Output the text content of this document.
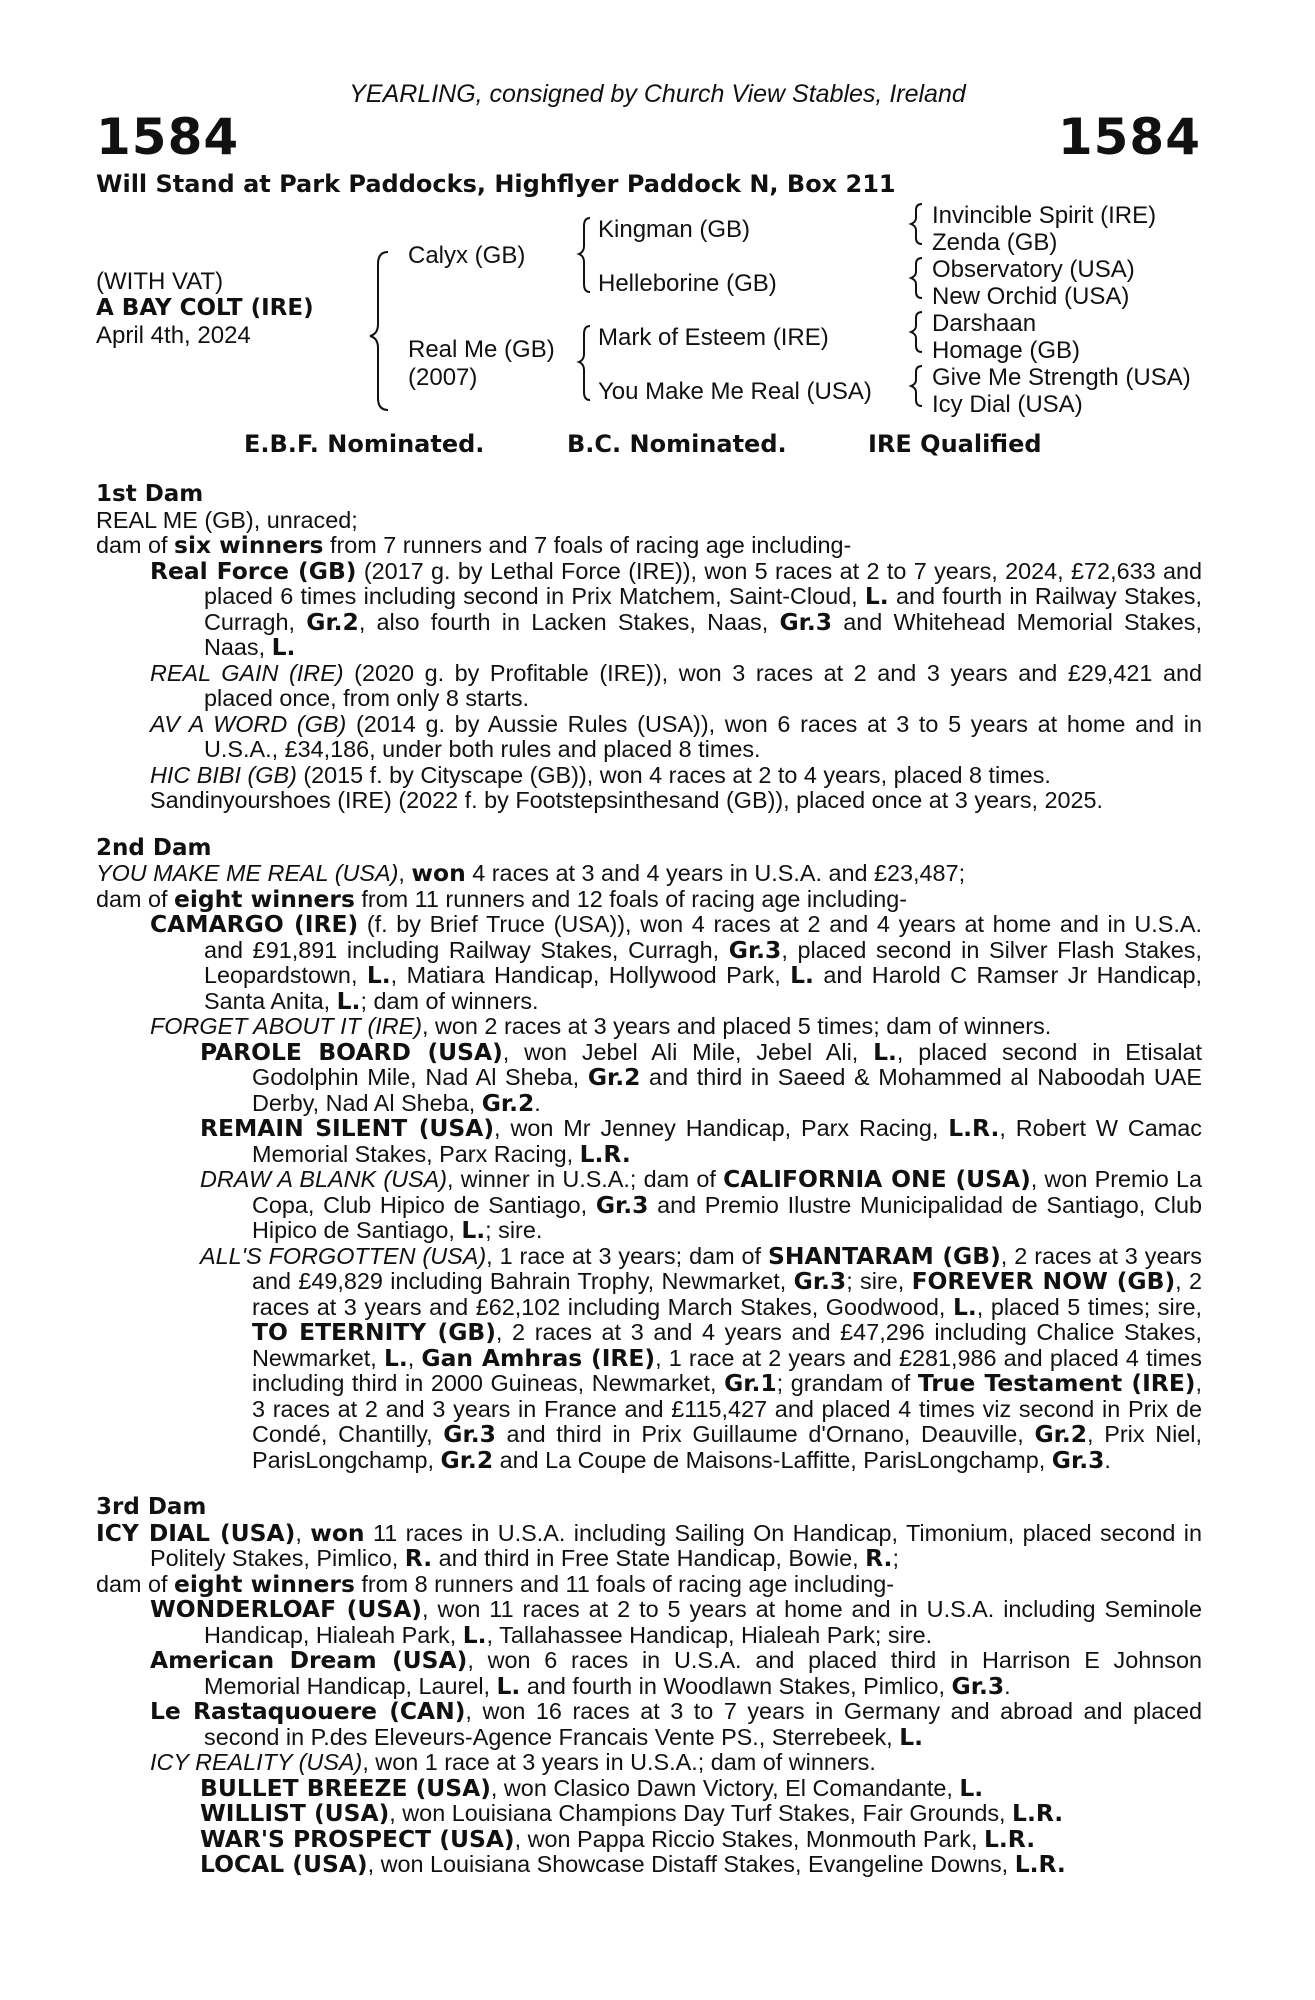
YEARLING, consigned by Church View Stables, Ireland
1584	1584
Will Stand at Park Paddocks, Highflyer Paddock N, Box 211
(WITH VAT)
A BAY COLT (IRE)
April 4th, 2024
Calyx (GB)
Real Me (GB)
(2007)
Kingman (GB)
Helleborine (GB)
Mark of Esteem (IRE)
You Make Me Real (USA)
Invincible Spirit (IRE)
Zenda (GB)
Observatory (USA)
New Orchid (USA)
Darshaan
Homage (GB)
Give Me Strength (USA)
Icy Dial (USA)
E.B.F. Nominated.	B.C. Nominated.	IRE Qualified
1st Dam
REAL ME (GB), unraced;
dam of six winners from 7 runners and 7 foals of racing age including-
Real Force (GB) (2017 g. by Lethal Force (IRE)), won 5 races at 2 to 7 years, 2024, £72,633 and placed 6 times including second in Prix Matchem, Saint-Cloud, L. and fourth in Railway Stakes, Curragh, Gr.2, also fourth in Lacken Stakes, Naas, Gr.3 and Whitehead Memorial Stakes, Naas, L.
REAL GAIN (IRE) (2020 g. by Profitable (IRE)), won 3 races at 2 and 3 years and £29,421 and placed once, from only 8 starts.
AV A WORD (GB) (2014 g. by Aussie Rules (USA)), won 6 races at 3 to 5 years at home and in U.S.A., £34,186, under both rules and placed 8 times.
HIC BIBI (GB) (2015 f. by Cityscape (GB)), won 4 races at 2 to 4 years, placed 8 times.
Sandinyourshoes (IRE) (2022 f. by Footstepsinthesand (GB)), placed once at 3 years, 2025.
2nd Dam
YOU MAKE ME REAL (USA), won 4 races at 3 and 4 years in U.S.A. and £23,487;
dam of eight winners from 11 runners and 12 foals of racing age including-
CAMARGO (IRE) (f. by Brief Truce (USA)), won 4 races at 2 and 4 years at home and in U.S.A. and £91,891 including Railway Stakes, Curragh, Gr.3, placed second in Silver Flash Stakes, Leopardstown, L., Matiara Handicap, Hollywood Park, L. and Harold C Ramser Jr Handicap, Santa Anita, L.; dam of winners.
FORGET ABOUT IT (IRE), won 2 races at 3 years and placed 5 times; dam of winners.
PAROLE BOARD (USA), won Jebel Ali Mile, Jebel Ali, L., placed second in Etisalat Godolphin Mile, Nad Al Sheba, Gr.2 and third in Saeed & Mohammed al Naboodah UAE Derby, Nad Al Sheba, Gr.2.
REMAIN SILENT (USA), won Mr Jenney Handicap, Parx Racing, L.R., Robert W Camac Memorial Stakes, Parx Racing, L.R.
DRAW A BLANK (USA), winner in U.S.A.; dam of CALIFORNIA ONE (USA), won Premio La Copa, Club Hipico de Santiago, Gr.3 and Premio Ilustre Municipalidad de Santiago, Club Hipico de Santiago, L.; sire.
ALL'S FORGOTTEN (USA), 1 race at 3 years; dam of SHANTARAM (GB), 2 races at 3 years and £49,829 including Bahrain Trophy, Newmarket, Gr.3; sire, FOREVER NOW (GB), 2 races at 3 years and £62,102 including March Stakes, Goodwood, L., placed 5 times; sire, TO ETERNITY (GB), 2 races at 3 and 4 years and £47,296 including Chalice Stakes, Newmarket, L., Gan Amhras (IRE), 1 race at 2 years and £281,986 and placed 4 times including third in 2000 Guineas, Newmarket, Gr.1; grandam of True Testament (IRE), 3 races at 2 and 3 years in France and £115,427 and placed 4 times viz second in Prix de Condé, Chantilly, Gr.3 and third in Prix Guillaume d'Ornano, Deauville, Gr.2, Prix Niel, ParisLongchamp, Gr.2 and La Coupe de Maisons-Laffitte, ParisLongchamp, Gr.3.
3rd Dam
ICY DIAL (USA), won 11 races in U.S.A. including Sailing On Handicap, Timonium, placed second in Politely Stakes, Pimlico, R. and third in Free State Handicap, Bowie, R.;
dam of eight winners from 8 runners and 11 foals of racing age including-
WONDERLOAF (USA), won 11 races at 2 to 5 years at home and in U.S.A. including Seminole Handicap, Hialeah Park, L., Tallahassee Handicap, Hialeah Park; sire.
American Dream (USA), won 6 races in U.S.A. and placed third in Harrison E Johnson Memorial Handicap, Laurel, L. and fourth in Woodlawn Stakes, Pimlico, Gr.3.
Le Rastaquouere (CAN), won 16 races at 3 to 7 years in Germany and abroad and placed second in P.des Eleveurs-Agence Francais Vente PS., Sterrebeek, L.
ICY REALITY (USA), won 1 race at 3 years in U.S.A.; dam of winners.
BULLET BREEZE (USA), won Clasico Dawn Victory, El Comandante, L.
WILLIST (USA), won Louisiana Champions Day Turf Stakes, Fair Grounds, L.R.
WAR'S PROSPECT (USA), won Pappa Riccio Stakes, Monmouth Park, L.R.
LOCAL (USA), won Louisiana Showcase Distaff Stakes, Evangeline Downs, L.R.
